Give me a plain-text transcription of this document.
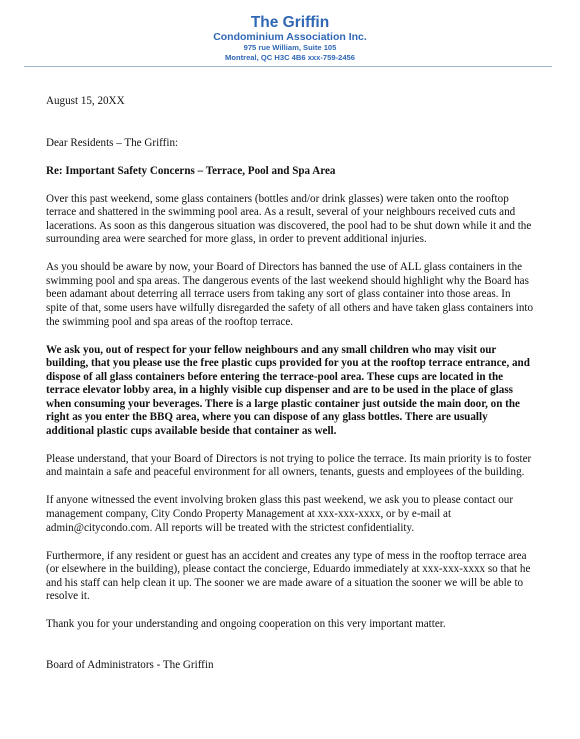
The Griffin
Condominium Association Inc.
975 rue William, Suite 105
Montreal, QC H3C 4B6 xxx-759-2456

August 15, 20XX

Dear Residents – The Griffin:

Re: Important Safety Concerns – Terrace, Pool and Spa Area

Over this past weekend, some glass containers (bottles and/or drink glasses) were taken onto the rooftop terrace and shattered in the swimming pool area. As a result, several of your neighbours received cuts and lacerations. As soon as this dangerous situation was discovered, the pool had to be shut down while it and the surrounding area were searched for more glass, in order to prevent additional injuries.

As you should be aware by now, your Board of Directors has banned the use of ALL glass containers in the swimming pool and spa areas. The dangerous events of the last weekend should highlight why the Board has been adamant about deterring all terrace users from taking any sort of glass container into those areas. In spite of that, some users have wilfully disregarded the safety of all others and have taken glass containers into the swimming pool and spa areas of the rooftop terrace.

We ask you, out of respect for your fellow neighbours and any small children who may visit our building, that you please use the free plastic cups provided for you at the rooftop terrace entrance, and dispose of all glass containers before entering the terrace-pool area. These cups are located in the terrace elevator lobby area, in a highly visible cup dispenser and are to be used in the place of glass when consuming your beverages. There is a large plastic container just outside the main door, on the right as you enter the BBQ area, where you can dispose of any glass bottles. There are usually additional plastic cups available beside that container as well.

Please understand, that your Board of Directors is not trying to police the terrace. Its main priority is to foster and maintain a safe and peaceful environment for all owners, tenants, guests and employees of the building.

If anyone witnessed the event involving broken glass this past weekend, we ask you to please contact our management company, City Condo Property Management at xxx-xxx-xxxx, or by e-mail at admin@citycondo.com. All reports will be treated with the strictest confidentiality.

Furthermore, if any resident or guest has an accident and creates any type of mess in the rooftop terrace area (or elsewhere in the building), please contact the concierge, Eduardo immediately at xxx-xxx-xxxx so that he and his staff can help clean it up. The sooner we are made aware of a situation the sooner we will be able to resolve it.

Thank you for your understanding and ongoing cooperation on this very important matter.

Board of Administrators - The Griffin
